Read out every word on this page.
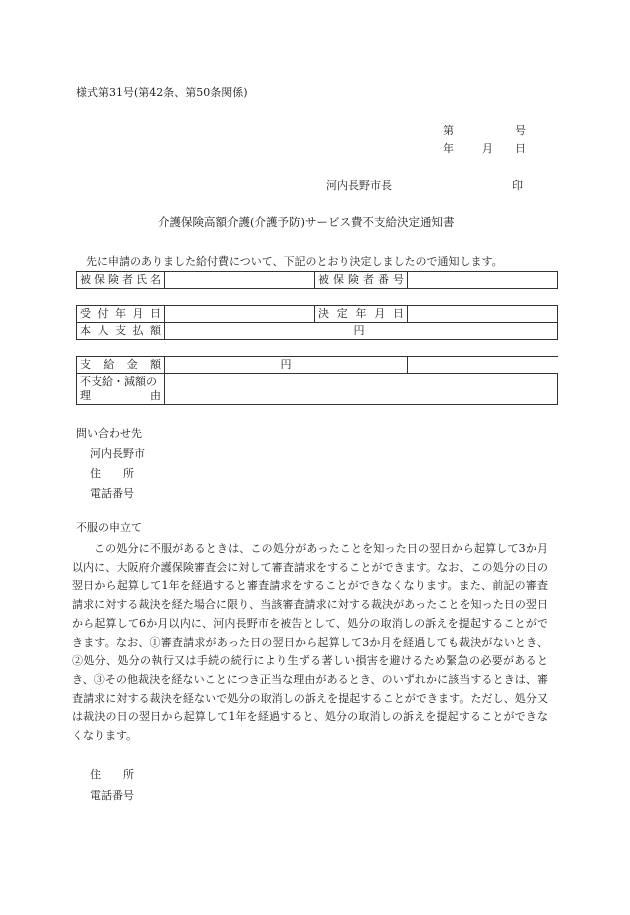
様式第31号(第42条、第50条関係)
第	号
年	月 日
河内長野市長	印
介護保険高額介護(介護予防)サービス費不支給決定通知書
先に申請のありました給付費について、下記のとおり決定しましたので通知します。
被保険者氏名		被保険者番号	
受付年月日		決定年月日	
本人支払額	円		
支給金額	円	

不支給・減額の
理 由		

問い合わせ先
河内長野市
住　　所
電話番号
不服の申立て
この処分に不服があるときは、この処分があったことを知った日の翌日から起算して3か月以内に、大阪府介護保険審査会に対して審査請求をすることができます。なお、この処分の日の翌日から起算して1年を経過すると審査請求をすることができなくなります。また、前記の審査請求に対する裁決を経た場合に限り、当該審査請求に対する裁決があったことを知った日の翌日から起算して6か月以内に、河内長野市を被告として、処分の取消しの訴えを提起することができます。なお、①審査請求があった日の翌日から起算して3か月を経過しても裁決がないとき、②処分、処分の執行又は手続の続行により生ずる著しい損害を避けるため緊急の必要があるとき、③その他裁決を経ないことにつき正当な理由があるとき、のいずれかに該当するときは、審査請求に対する裁決を経ないで処分の取消しの訴えを提起することができます。ただし、処分又は裁決の日の翌日から起算して1年を経過すると、処分の取消しの訴えを提起することができなくなります。
住　　所
電話番号
